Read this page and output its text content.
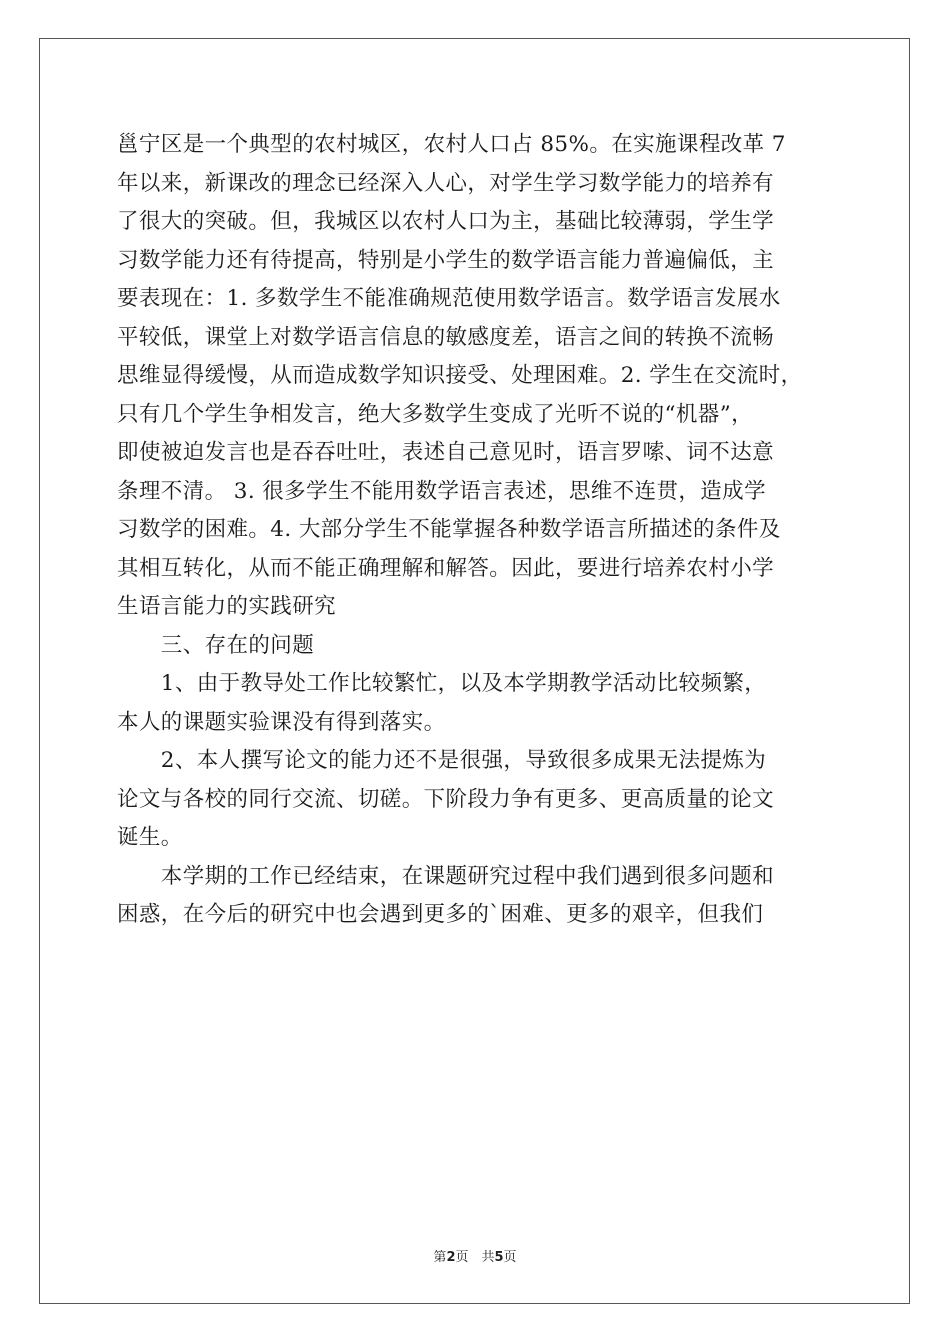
邕宁区是一个典型的农村城区，农村人口占 85%。在实施课程改革 7
年以来，新课改的理念已经深入人心，对学生学习数学能力的培养有
了很大的突破。但，我城区以农村人口为主，基础比较薄弱，学生学
习数学能力还有待提高，特别是小学生的数学语言能力普遍偏低，主
要表现在：1. 多数学生不能准确规范使用数学语言。数学语言发展水
平较低，课堂上对数学语言信息的敏感度差，语言之间的转换不流畅
思维显得缓慢，从而造成数学知识接受、处理困难。2. 学生在交流时，
只有几个学生争相发言，绝大多数学生变成了光听不说的“机器”，
即使被迫发言也是吞吞吐吐，表述自己意见时，语言罗嗦、词不达意
条理不清。 3. 很多学生不能用数学语言表述，思维不连贯，造成学
习数学的困难。4. 大部分学生不能掌握各种数学语言所描述的条件及
其相互转化，从而不能正确理解和解答。因此，要进行培养农村小学
生语言能力的实践研究
　　三、存在的问题
　　1、由于教导处工作比较繁忙，以及本学期教学活动比较频繁，
本人的课题实验课没有得到落实。
　　2、本人撰写论文的能力还不是很强，导致很多成果无法提炼为
论文与各校的同行交流、切磋。下阶段力争有更多、更高质量的论文
诞生。
　　本学期的工作已经结束，在课题研究过程中我们遇到很多问题和
困惑，在今后的研究中也会遇到更多的`困难、更多的艰辛，但我们
第2页　共5页
